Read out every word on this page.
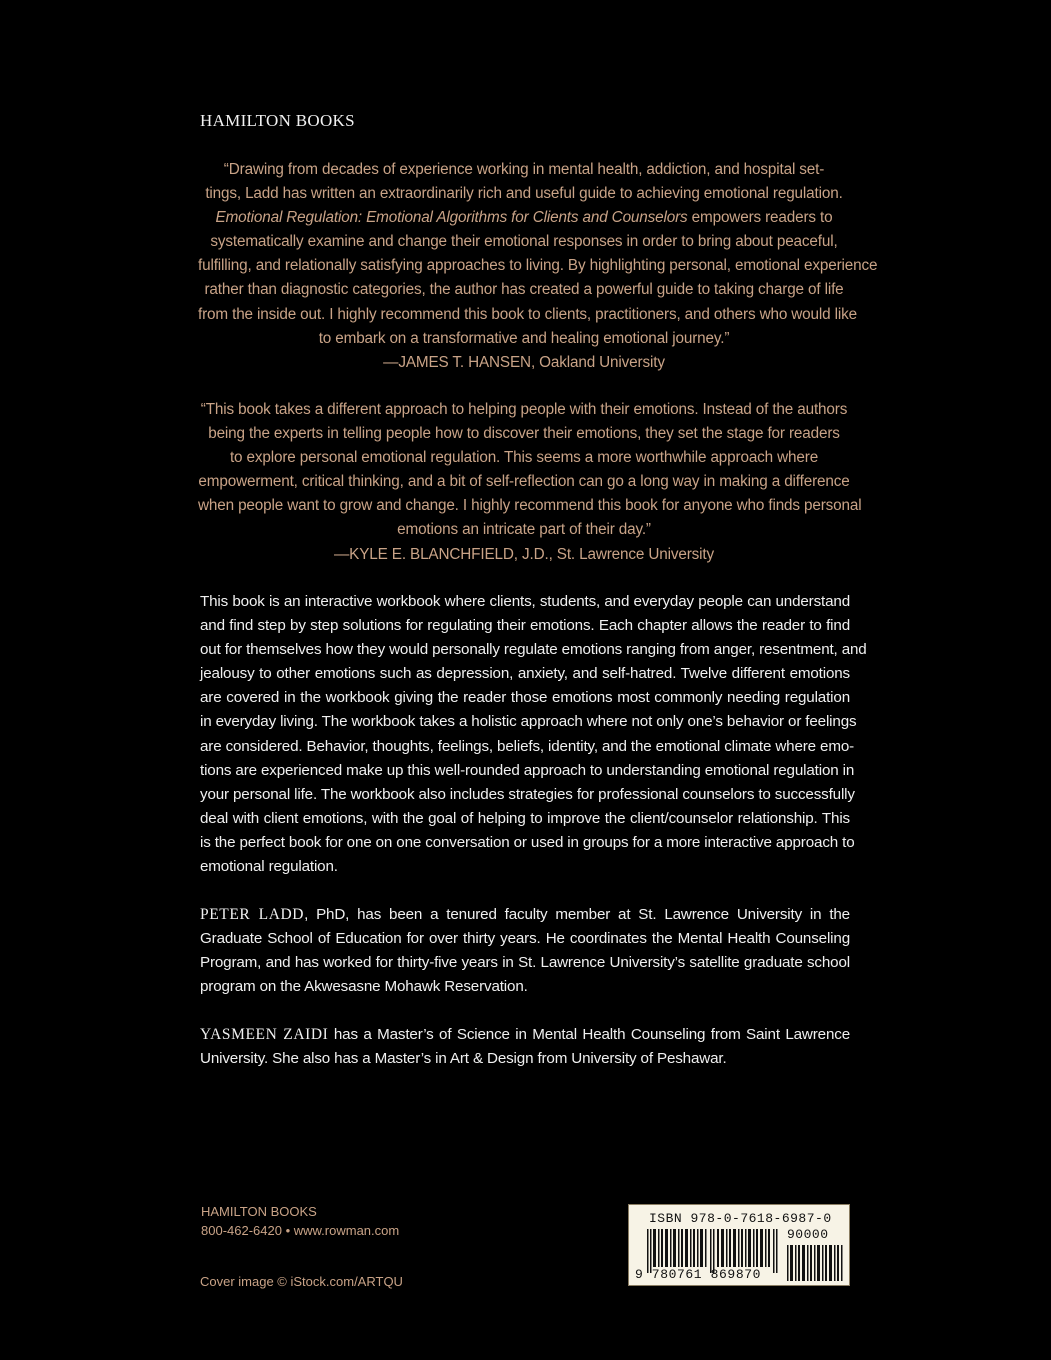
HAMILTON BOOKS
“Drawing from decades of experience working in mental health, addiction, and hospital set-
tings, Ladd has written an extraordinarily rich and useful guide to achieving emotional regulation.
Emotional Regulation: Emotional Algorithms for Clients and Counselors empowers readers to
systematically examine and change their emotional responses in order to bring about peaceful,
fulfilling, and relationally satisfying approaches to living. By highlighting personal, emotional experience
rather than diagnostic categories, the author has created a powerful guide to taking charge of life
from the inside out. I highly recommend this book to clients, practitioners, and others who would like
to embark on a transformative and healing emotional journey.”
—JAMES T. HANSEN, Oakland University
“This book takes a different approach to helping people with their emotions. Instead of the authors
being the experts in telling people how to discover their emotions, they set the stage for readers
to explore personal emotional regulation. This seems a more worthwhile approach where
empowerment, critical thinking, and a bit of self-reflection can go a long way in making a difference
when people want to grow and change. I highly recommend this book for anyone who finds personal
emotions an intricate part of their day.”
—KYLE E. BLANCHFIELD, J.D., St. Lawrence University
This book is an interactive workbook where clients, students, and everyday people can understand
and find step by step solutions for regulating their emotions. Each chapter allows the reader to find
out for themselves how they would personally regulate emotions ranging from anger, resentment, and
jealousy to other emotions such as depression, anxiety, and self-hatred. Twelve different emotions
are covered in the workbook giving the reader those emotions most commonly needing regulation
in everyday living. The workbook takes a holistic approach where not only one’s behavior or feelings
are considered. Behavior, thoughts, feelings, beliefs, identity, and the emotional climate where emo-
tions are experienced make up this well-rounded approach to understanding emotional regulation in
your personal life. The workbook also includes strategies for professional counselors to successfully
deal with client emotions, with the goal of helping to improve the client/counselor relationship. This
is the perfect book for one on one conversation or used in groups for a more interactive approach to
emotional regulation.
PETER LADD, PhD, has been a tenured faculty member at St. Lawrence University in the
Graduate School of Education for over thirty years. He coordinates the Mental Health Counseling
Program, and has worked for thirty-five years in St. Lawrence University’s satellite graduate school
program on the Akwesasne Mohawk Reservation.
YASMEEN ZAIDI has a Master’s of Science in Mental Health Counseling from Saint Lawrence
University. She also has a Master’s in Art & Design from University of Peshawar.
HAMILTON BOOKS
800-462-6420 • www.rowman.com
Cover image © iStock.com/ARTQU
ISBN 978-0-7618-6987-0
90000
9 780761 869870
